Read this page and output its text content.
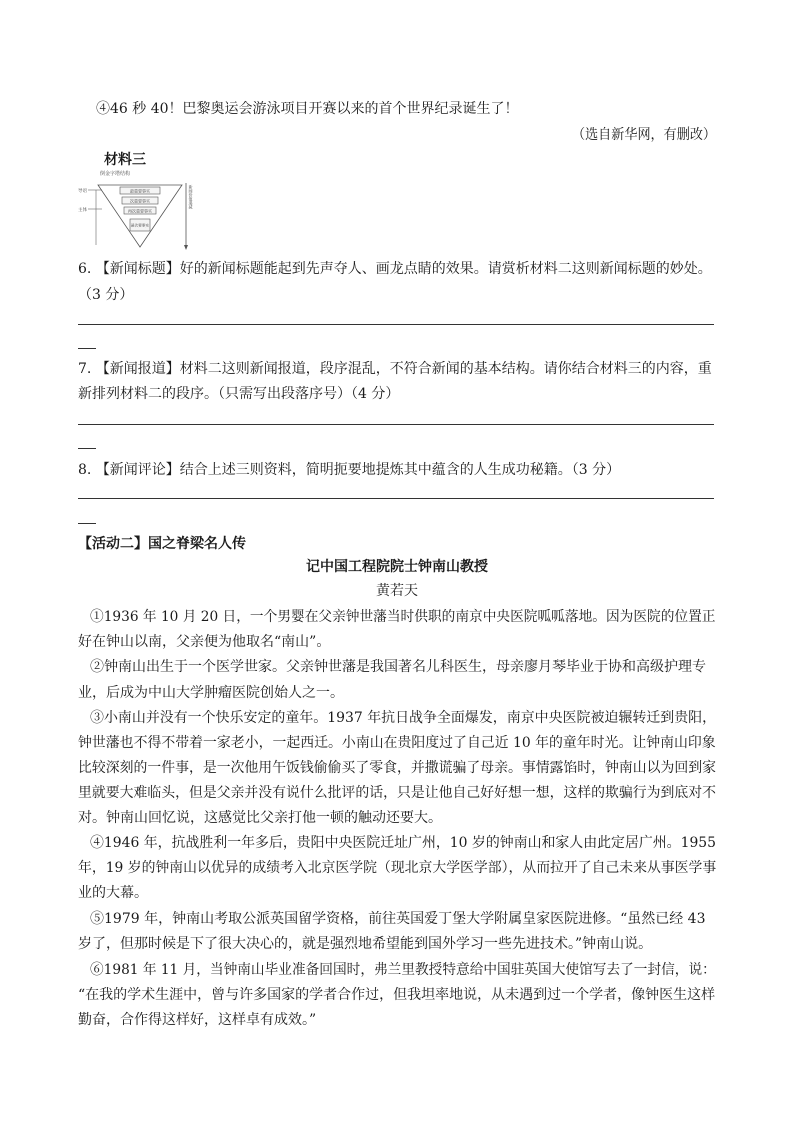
④46 秒 40！巴黎奥运会游泳项目开赛以来的首个世界纪录诞生了！
（选自新华网，有删改）
材料三
倒金字塔结构
导语
主体
最重要事实
次重要事实
再次重要事实
最次要事实
新闻价值递减
6. 【新闻标题】好的新闻标题能起到先声夺人、画龙点睛的效果。请赏析材料二这则新闻标题的妙处。
（3 分）
7. 【新闻报道】材料二这则新闻报道，段序混乱，不符合新闻的基本结构。请你结合材料三的内容，重
新排列材料二的段序。（只需写出段落序号）（4 分）
8. 【新闻评论】结合上述三则资料，简明扼要地提炼其中蕴含的人生成功秘籍。（3 分）
【活动二】国之脊梁名人传
记中国工程院院士钟南山教授
黄若天
①1936 年 10 月 20 日，一个男婴在父亲钟世藩当时供职的南京中央医院呱呱落地。因为医院的位置正
好在钟山以南，父亲便为他取名“南山”。
②钟南山出生于一个医学世家。父亲钟世藩是我国著名儿科医生，母亲廖月琴毕业于协和高级护理专
业，后成为中山大学肿瘤医院创始人之一。
③小南山并没有一个快乐安定的童年。1937 年抗日战争全面爆发，南京中央医院被迫辗转迁到贵阳，
钟世藩也不得不带着一家老小，一起西迁。小南山在贵阳度过了自己近 10 年的童年时光。让钟南山印象
比较深刻的一件事，是一次他用午饭钱偷偷买了零食，并撒谎骗了母亲。事情露馅时，钟南山以为回到家
里就要大难临头，但是父亲并没有说什么批评的话，只是让他自己好好想一想，这样的欺骗行为到底对不
对。钟南山回忆说，这感觉比父亲打他一顿的触动还要大。
④1946 年，抗战胜利一年多后，贵阳中央医院迁址广州，10 岁的钟南山和家人由此定居广州。1955
年，19 岁的钟南山以优异的成绩考入北京医学院（现北京大学医学部），从而拉开了自己未来从事医学事
业的大幕。
⑤1979 年，钟南山考取公派英国留学资格，前往英国爱丁堡大学附属皇家医院进修。“虽然已经 43
岁了，但那时候是下了很大决心的，就是强烈地希望能到国外学习一些先进技术。”钟南山说。
⑥1981 年 11 月，当钟南山毕业准备回国时，弗兰里教授特意给中国驻英国大使馆写去了一封信，说：
“在我的学术生涯中，曾与许多国家的学者合作过，但我坦率地说，从未遇到过一个学者，像钟医生这样
勤奋，合作得这样好，这样卓有成效。”
